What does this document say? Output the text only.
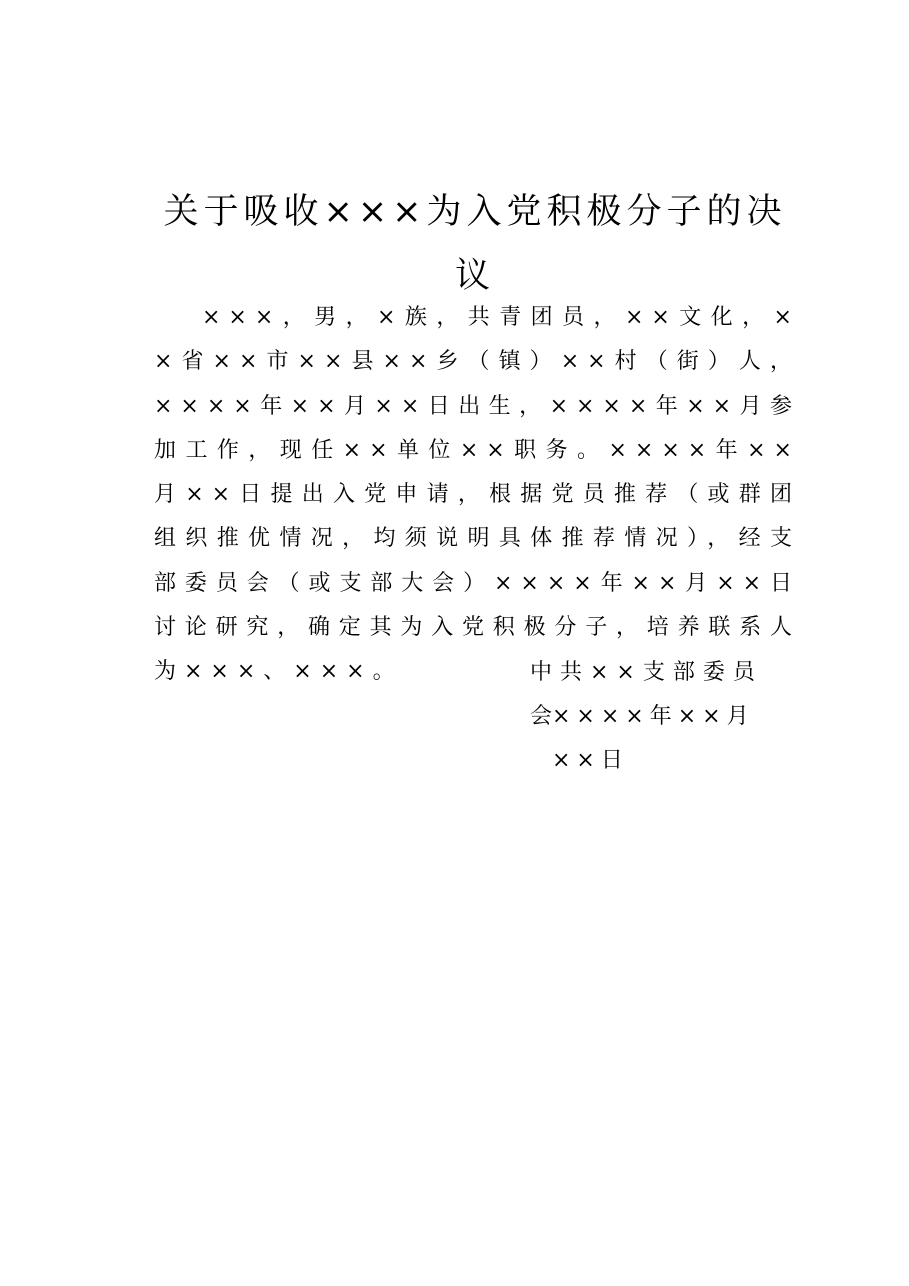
关于吸收×××为入党积极分子的决议

×××，男，×族，共青团员，××文化，××省××市××县××乡（镇）××村（街）人，××××年××月××日出生，××××年××月参加工作，现任××单位××职务。××××年××月××日提出入党申请，根据党员推荐（或群团组织推优情况，均须说明具体推荐情况），经支部委员会（或支部大会）××××年××月××日讨论研究，确定其为入党积极分子，培养联系人为×××、×××。	中共××支部委员会

××××年××月××日
